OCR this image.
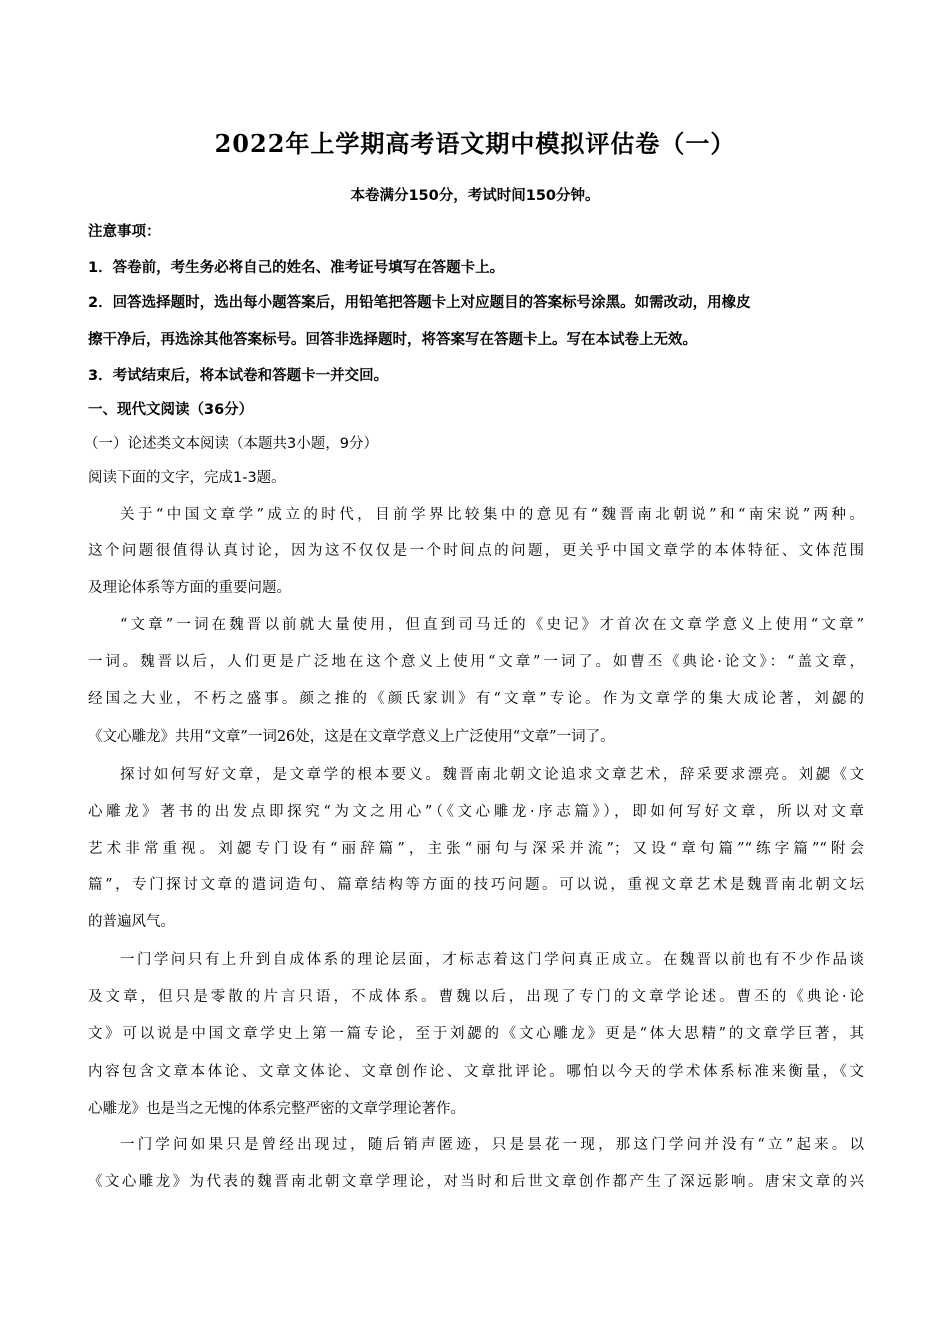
2022年上学期高考语文期中模拟评估卷（一）
本卷满分150分，考试时间150分钟。
注意事项：
1．答卷前，考生务必将自己的姓名、准考证号填写在答题卡上。
2．回答选择题时，选出每小题答案后，用铅笔把答题卡上对应题目的答案标号涂黑。如需改动，用橡皮
擦干净后，再选涂其他答案标号。回答非选择题时，将答案写在答题卡上。写在本试卷上无效。
3．考试结束后，将本试卷和答题卡一并交回。
一、现代文阅读（36分）
（一）论述类文本阅读（本题共3小题，9分）
阅读下面的文字，完成1-3题。
关于“中国文章学”成立的时代，目前学界比较集中的意见有“魏晋南北朝说”和“南宋说”两种。
这个问题很值得认真讨论，因为这不仅仅是一个时间点的问题，更关乎中国文章学的本体特征、文体范围
及理论体系等方面的重要问题。
“文章”一词在魏晋以前就大量使用，但直到司马迁的《史记》才首次在文章学意义上使用“文章”
一词。魏晋以后，人们更是广泛地在这个意义上使用“文章”一词了。如曹丕《典论·论文》：“盖文章，
经国之大业，不朽之盛事。颜之推的《颜氏家训》有“文章”专论。作为文章学的集大成论著，刘勰的
《文心雕龙》共用“文章”一词26处，这是在文章学意义上广泛使用“文章”一词了。
探讨如何写好文章，是文章学的根本要义。魏晋南北朝文论追求文章艺术，辞采要求漂亮。刘勰《文
心雕龙》著书的出发点即探究“为文之用心”（《文心雕龙·序志篇》），即如何写好文章，所以对文章
艺术非常重视。刘勰专门设有“丽辞篇”，主张“丽句与深采并流”；又设“章句篇”“练字篇”“附会
篇”，专门探讨文章的遣词造句、篇章结构等方面的技巧问题。可以说，重视文章艺术是魏晋南北朝文坛
的普遍风气。
一门学问只有上升到自成体系的理论层面，才标志着这门学问真正成立。在魏晋以前也有不少作品谈
及文章，但只是零散的片言只语，不成体系。曹魏以后，出现了专门的文章学论述。曹丕的《典论·论
文》可以说是中国文章学史上第一篇专论，至于刘勰的《文心雕龙》更是“体大思精”的文章学巨著，其
内容包含文章本体论、文章文体论、文章创作论、文章批评论。哪怕以今天的学术体系标准来衡量，《文
心雕龙》也是当之无愧的体系完整严密的文章学理论著作。
一门学问如果只是曾经出现过，随后销声匿迹，只是昙花一现，那这门学问并没有“立”起来。以
《文心雕龙》为代表的魏晋南北朝文章学理论，对当时和后世文章创作都产生了深远影响。唐宋文章的兴
